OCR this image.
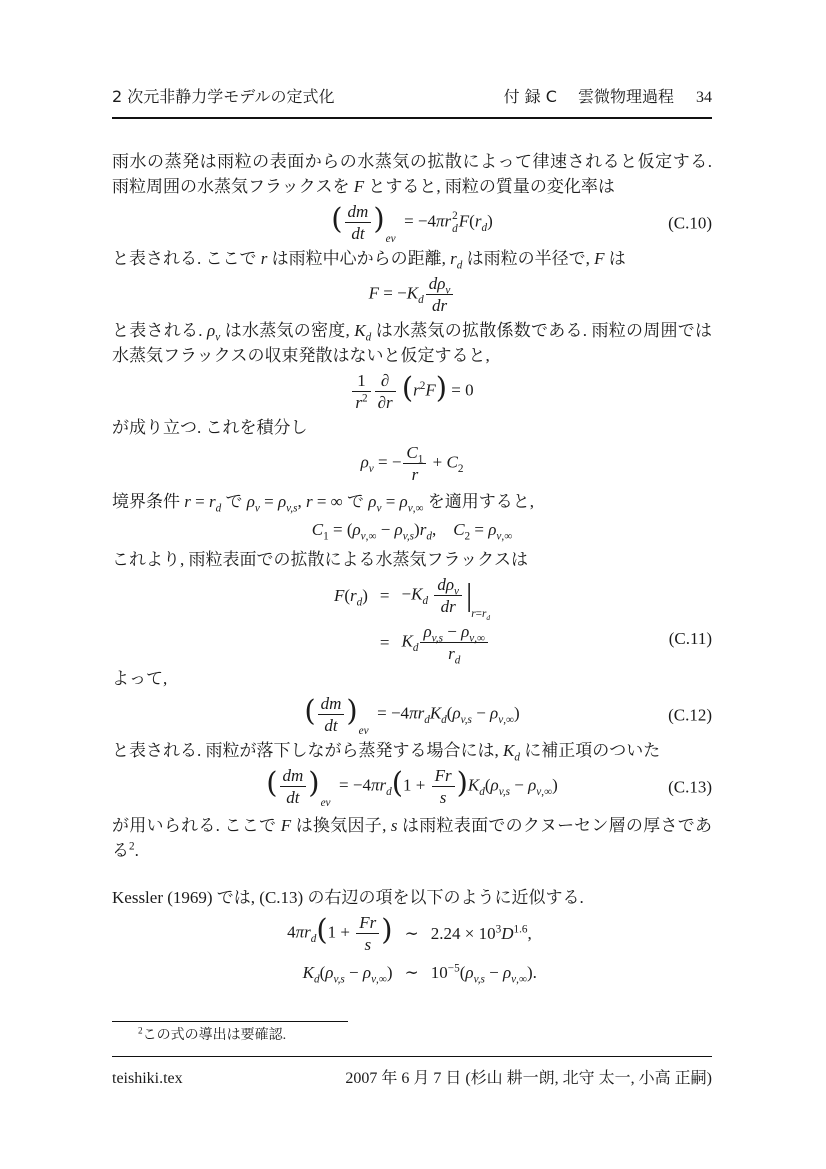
2 次元非静力学モデルの定式化	付 録 C　 雲微物理過程 34

雨水の蒸発は雨粒の表面からの水蒸気の拡散によって律速されると仮定する. 雨粒周囲の水蒸気フラックスを F とすると, 雨粒の質量の変化率は

( $\frac{dm}{dt} )_{ev} = -4\pi r$ 2
d $F(r_d)$	(C.10)

と表される. ここで r は雨粒中心からの距離, $r_d$ は雨粒の半径で, F は

$F = -K_d$
$d\rho_v$
dr

と表される. $\rho_v$ は水蒸気の密度, $K_d$ は水蒸気の拡散係数である. 雨粒の周囲では水蒸気フラックスの収束発散はないと仮定すると,

$\frac{1}{r^2}$ ∂
∂r $(r^2F) = 0$

が成り立つ. これを積分し

$\rho_v$ = − $\frac{C_1}{r} + C_2$

境界条件 $r = r_d$ で $\rho_v = \rho_{v,s}$, r = ∞ で $\rho_v = \rho_{v,\infty}$ を適用すると,

$C_1 = (\rho_{v,\infty} - \rho_{v,s})r_d$,    $C_2 = \rho_{v,\infty}$

これより, 雨粒表面での拡散による水蒸気フラックスは

$F(r_d) = -K_d$
$d\rho_v$
dr $|_{r=r_d}$
= $K_d \frac{\rho_{v,s} - \rho_{v,\infty}}{r_d}$	(C.11)

よって,

( $\frac{dm}{dt} )_{ev} = -4\pi r_dK_d(\rho_{v,s} - \rho_{v,\infty})$	(C.12)

と表される. 雨粒が落下しながら蒸発する場合には, $K_d$ に補正項のついた

( $\frac{dm}{dt} )_{ev} = -4\pi r_d(1 + \frac{Fr}{s} )K_d(\rho_{v,s} - \rho_{v,\infty})$	(C.13)

が用いられる. ここで F は換気因子, s は雨粒表面でのクヌーセン層の厚さである$^2$.

Kessler (1969) では, (C.13) の右辺の項を以下のように近似する.

$4\pi r_d(1 + \frac{Fr}{s}$ ) ∼ $2.24 \times 10^3D^{1.6}$,
$K_d(\rho_{v,s} - \rho_{v,\infty})$ ∼ $10^{-5}(\rho_{v,s} - \rho_{v,\infty})$.

$^2$この式の導出は要確認.

teishiki.tex	2007 年 6 月 7 日 (杉山 耕一朗, 北守 太一, 小高 正嗣)
